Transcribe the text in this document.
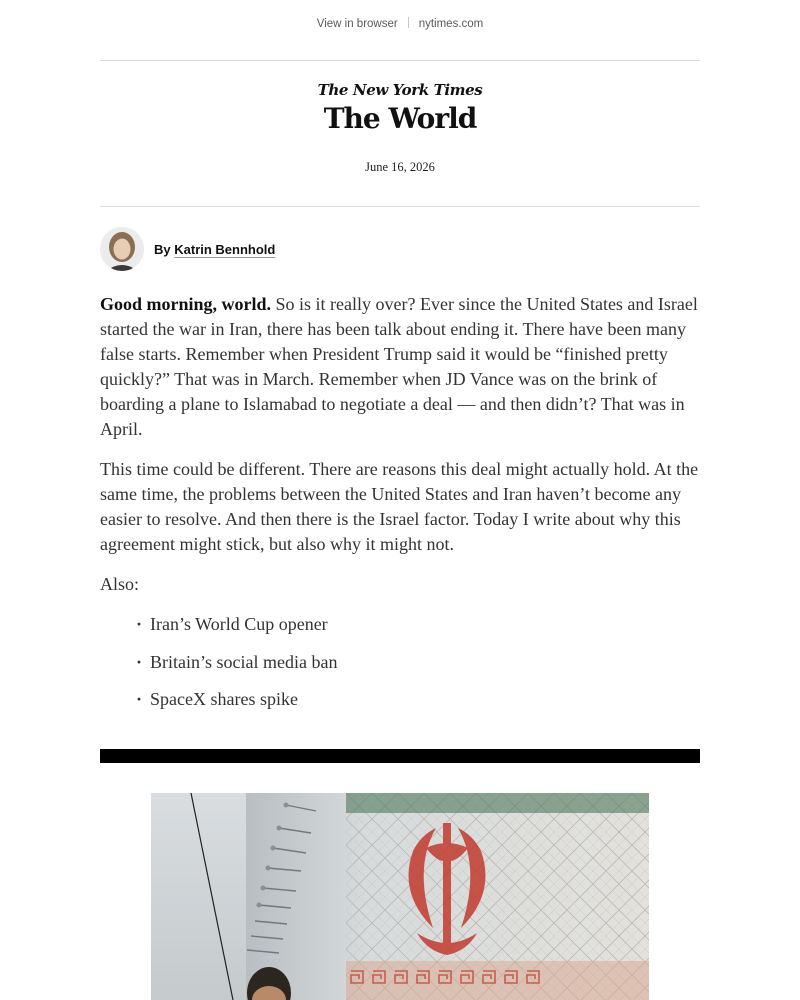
View in browser nytimes.com
The New York Times
The World
June 16, 2026
By Katrin Bennhold

Good morning, world. So is it really over? Ever since the United States and Israel started the war in Iran, there has been talk about ending it. There have been many false starts. Remember when President Trump said it would be “finished pretty quickly?” That was in March. Remember when JD Vance was on the brink of boarding a plane to Islamabad to negotiate a deal — and then didn’t? That was in April.

This time could be different. There are reasons this deal might actually hold. At the same time, the problems between the United States and Iran haven’t become any easier to resolve. And then there is the Israel factor. Today I write about why this agreement might stick, but also why it might not.

Also:

· Iran’s World Cup opener
· Britain’s social media ban
· SpaceX shares spike
